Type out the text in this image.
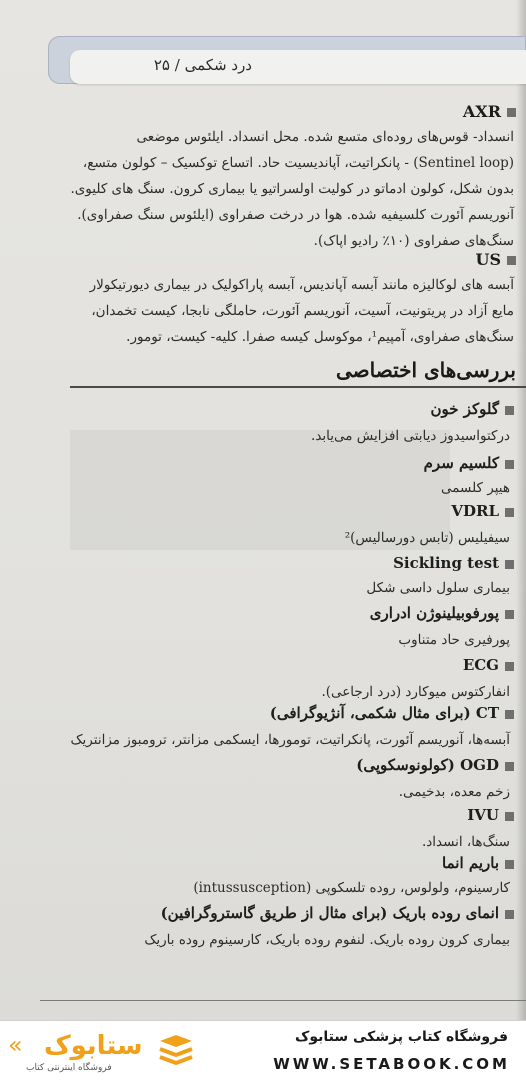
درد شکمی / ۲۵
AXR
انسداد- قوس‌های روده‌ای متسع شده. محل انسداد. ایلئوس موضعی
(Sentinel loop) - پانکراتیت، آپاندیسیت حاد. اتساع توکسیک – کولون متسع،
بدون شکل، کولون ادماتو در کولیت اولسراتیو یا بیماری کرون. سنگ های کلیوی.
آنوریسم آئورت کلسیفیه شده. هوا در درخت صفراوی (ایلئوس سنگ صفراوی).
سنگ‌های صفراوی (۱۰٪ رادیو اپاک).
US
آبسه های لوکالیزه مانند آبسه آپاندیس، آبسه پاراکولیک در بیماری دیورتیکولار
مایع آزاد در پریتونیت، آسیت، آنوریسم آئورت، حاملگی نابجا، کیست تخمدان،
سنگ‌های صفراوی، آمپیم¹، موکوسل کیسه صفرا. کلیه- کیست، تومور.
بررسی‌های اختصاصی
گلوکز خون
درکتواسیدوز دیابتی افزایش می‌یابد.
کلسیم سرم
هیپر کلسمی
VDRL
سیفیلیس (تابس دورسالیس)²
Sickling test
بیماری سلول داسی شکل
پورفوبیلینوژن ادراری
پورفیری حاد متناوب
ECG
انفارکتوس میوکارد (درد ارجاعی).
CT (برای مثال شکمی، آنژیوگرافی)
آبسه‌ها، آنوریسم آئورت، پانکراتیت، تومورها، ایسکمی مزانتر، ترومبوز مزانتریک
OGD (کولونوسکوپی)
زخم معده، بدخیمی.
IVU
سنگ‌ها، انسداد.
باریم انما
کارسینوم، ولولوس، روده تلسکوپی (intussusception)
انمای روده باریک (برای مثال از طریق گاستروگرافین)
بیماری کرون روده باریک. لنفوم روده باریک، کارسینوم روده باریک
« ستابوک
فروشگاه اینترنتی کتاب
فروشگاه کتاب پزشکی ستابوک
WWW.SETABOOK.COM
